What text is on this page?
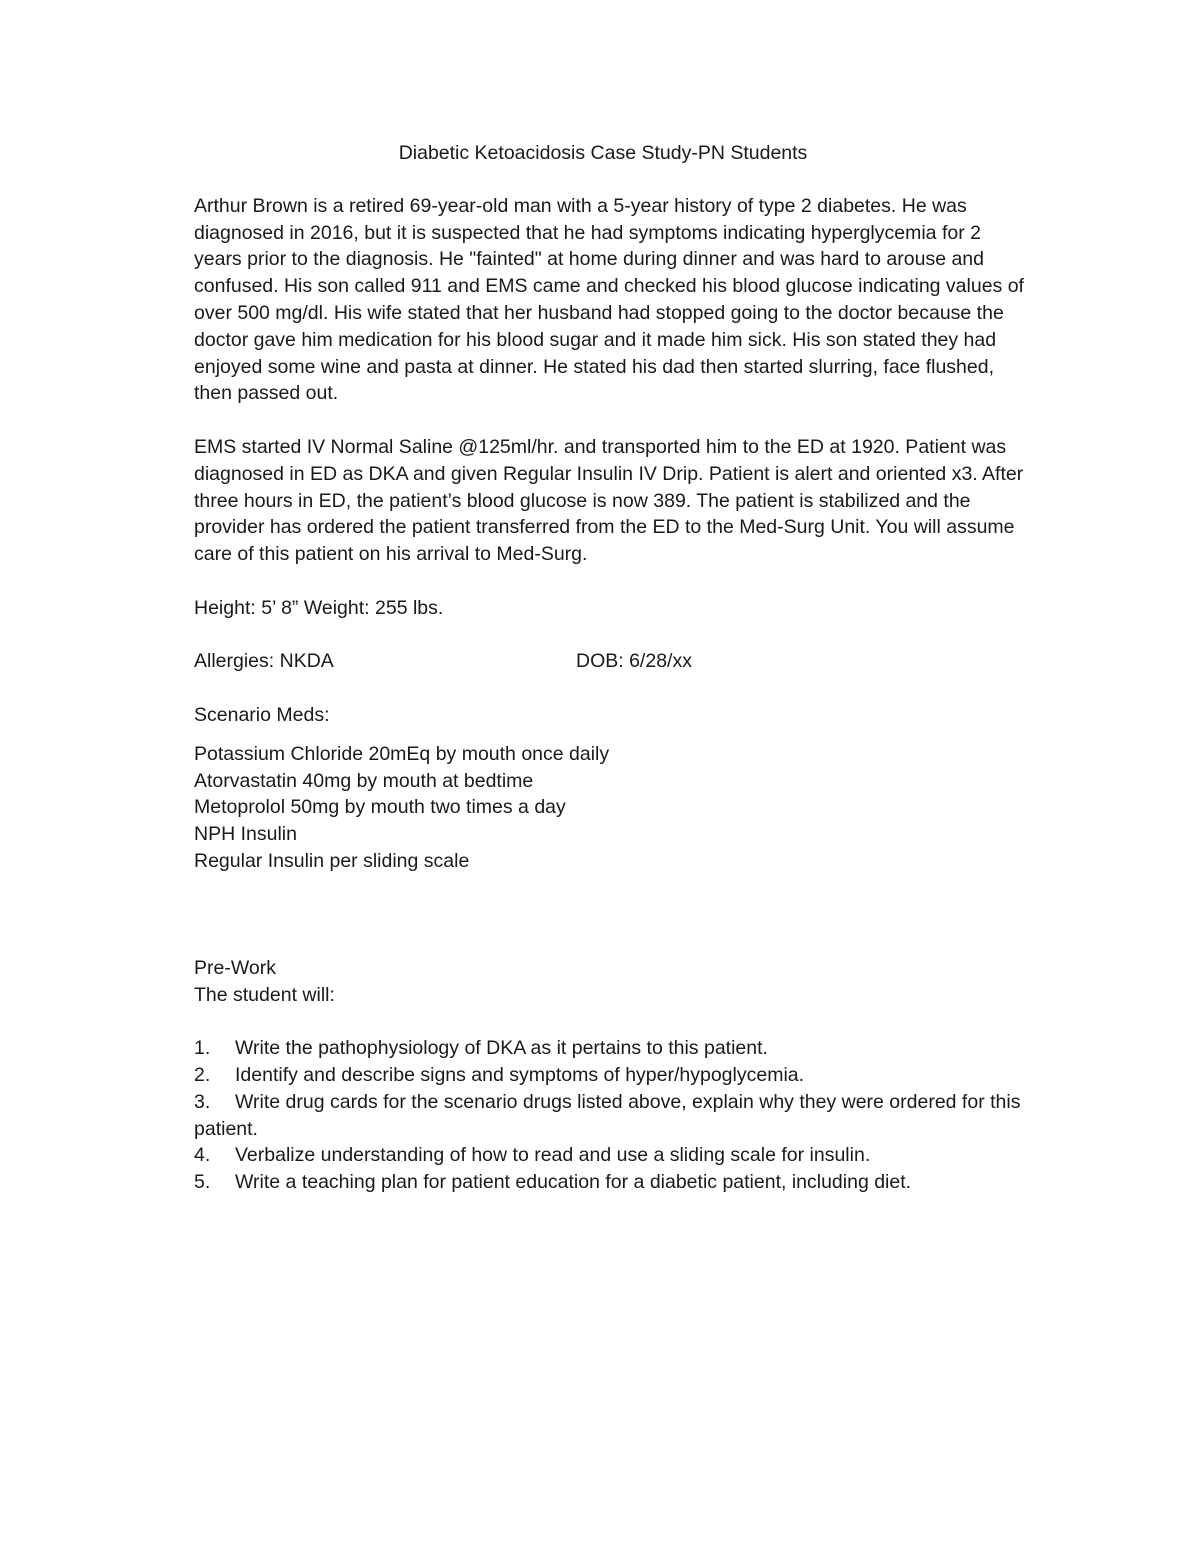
Diabetic Ketoacidosis Case Study-PN Students

Arthur Brown is a retired 69-year-old man with a 5-year history of type 2 diabetes. He was diagnosed in 2016, but it is suspected that he had symptoms indicating hyperglycemia for 2 years prior to the diagnosis. He "fainted" at home during dinner and was hard to arouse and confused. His son called 911 and EMS came and checked his blood glucose indicating values of over 500 mg/dl. His wife stated that her husband had stopped going to the doctor because the doctor gave him medication for his blood sugar and it made him sick. His son stated they had enjoyed some wine and pasta at dinner. He stated his dad then started slurring, face flushed, then passed out.

EMS started IV Normal Saline @125ml/hr. and transported him to the ED at 1920. Patient was diagnosed in ED as DKA and given Regular Insulin IV Drip. Patient is alert and oriented x3. After three hours in ED, the patient’s blood glucose is now 389. The patient is stabilized and the provider has ordered the patient transferred from the ED to the Med-Surg Unit. You will assume care of this patient on his arrival to Med-Surg.

Height: 5’ 8” Weight: 255 lbs.

Allergies: NKDA	DOB: 6/28/xx

Scenario Meds:

Potassium Chloride 20mEq by mouth once daily
Atorvastatin 40mg by mouth at bedtime
Metoprolol 50mg by mouth two times a day
NPH Insulin
Regular Insulin per sliding scale

Pre-Work

The student will:

1. Write the pathophysiology of DKA as it pertains to this patient.
2. Identify and describe signs and symptoms of hyper/hypoglycemia.
3. Write drug cards for the scenario drugs listed above, explain why they were ordered for this patient.
4. Verbalize understanding of how to read and use a sliding scale for insulin.
5. Write a teaching plan for patient education for a diabetic patient, including diet.
